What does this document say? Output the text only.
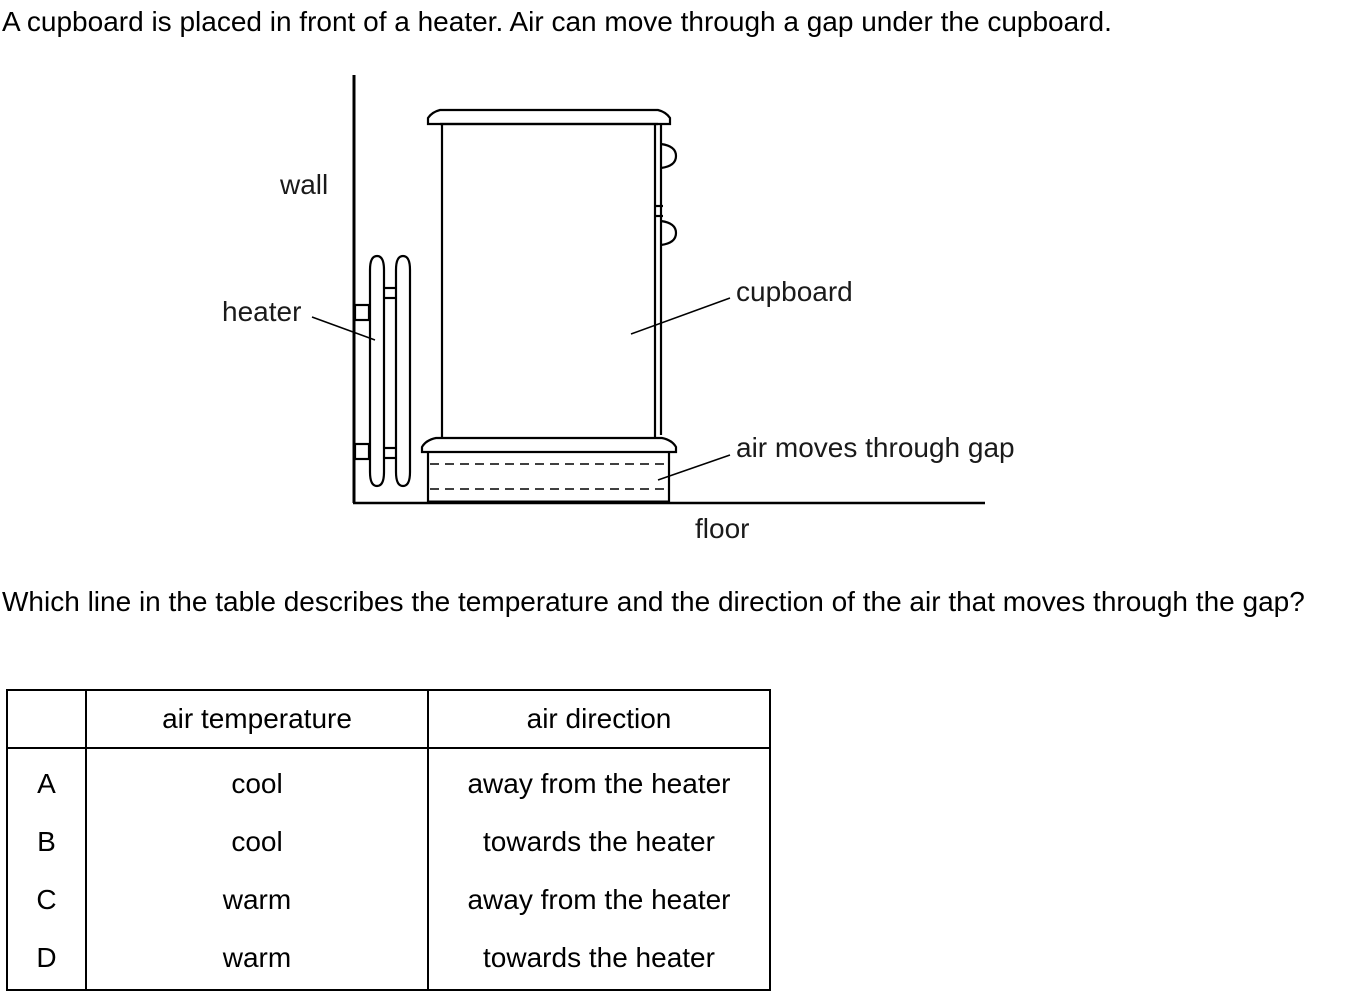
A cupboard is placed in front of a heater. Air can move through a gap under the cupboard.

wall
heater
cupboard
air moves through gap
floor

Which line in the table describes the temperature and the direction of the air that moves through the gap?

	air temperature	air direction
A	cool	away from the heater
B	cool	towards the heater
C	warm	away from the heater
D	warm	towards the heater
